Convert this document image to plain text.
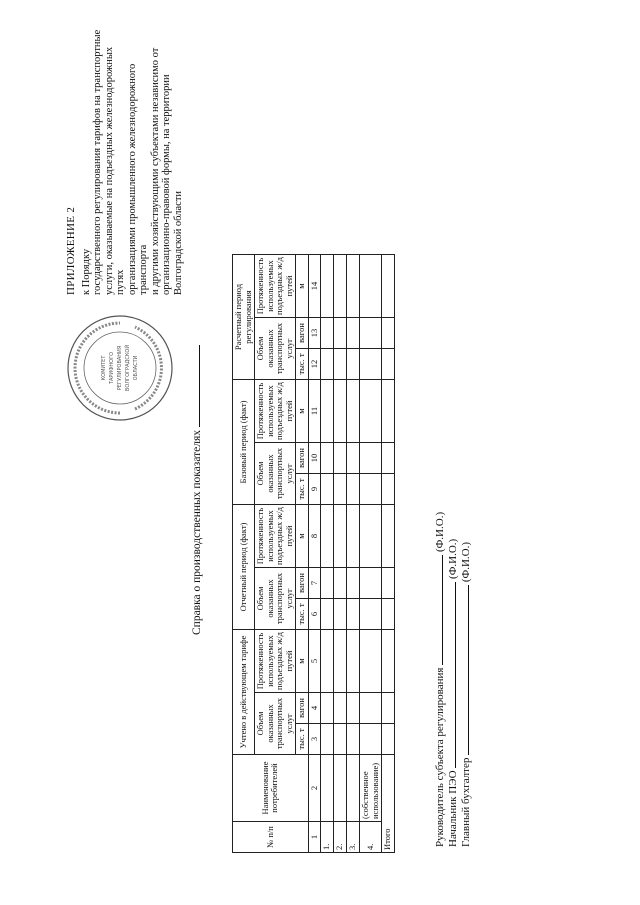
ПРИЛОЖЕНИЕ 2 к Порядку государственного регулирования тарифов на транспортные услуги, оказываемые на подъездных железнодорожных путях организациями промышленного железнодорожного транспорта и другими хозяйствующими субъектами независимо от организационно-правовой формы, на территории Волгоградской области
КОМИТЕТ ТАРИФНОГО РЕГУЛИРОВАНИЯ ВОЛГОГРАДСКОЙ ОБЛАСТИ
Справка о производственных показателях
№ п/п	Наименование потребителей	Учтено в действующем тарифе			Отчетный период (факт)			Базовый период (факт)			Расчетный период регулирования		
		Объем оказанных транспортных услуг		Протяженность используемых подъездных ж/д путей	Объем оказанных транспортных услуг		Протяженность используемых подъездных ж/д путей	Объем оказанных транспортных услуг		Протяженность используемых подъездных ж/д путей	Объем оказанных транспортных услуг		Протяженность используемых подъездных ж/д путей
		тыс. т	вагон	м	тыс. т	вагон	м	тыс. т	вагон	м	тыс. т	вагон	м
1	2	3	4	5	6	7	8	9	10	11	12	13	14
1.													
2.													
3.													
4.	(собственное использование)												
Итого														Руководитель субъекта регулирования  (Ф.И.О.)
Начальник ПЭО  (Ф.И.О.)
Главный бухгалтер  (Ф.И.О.)
